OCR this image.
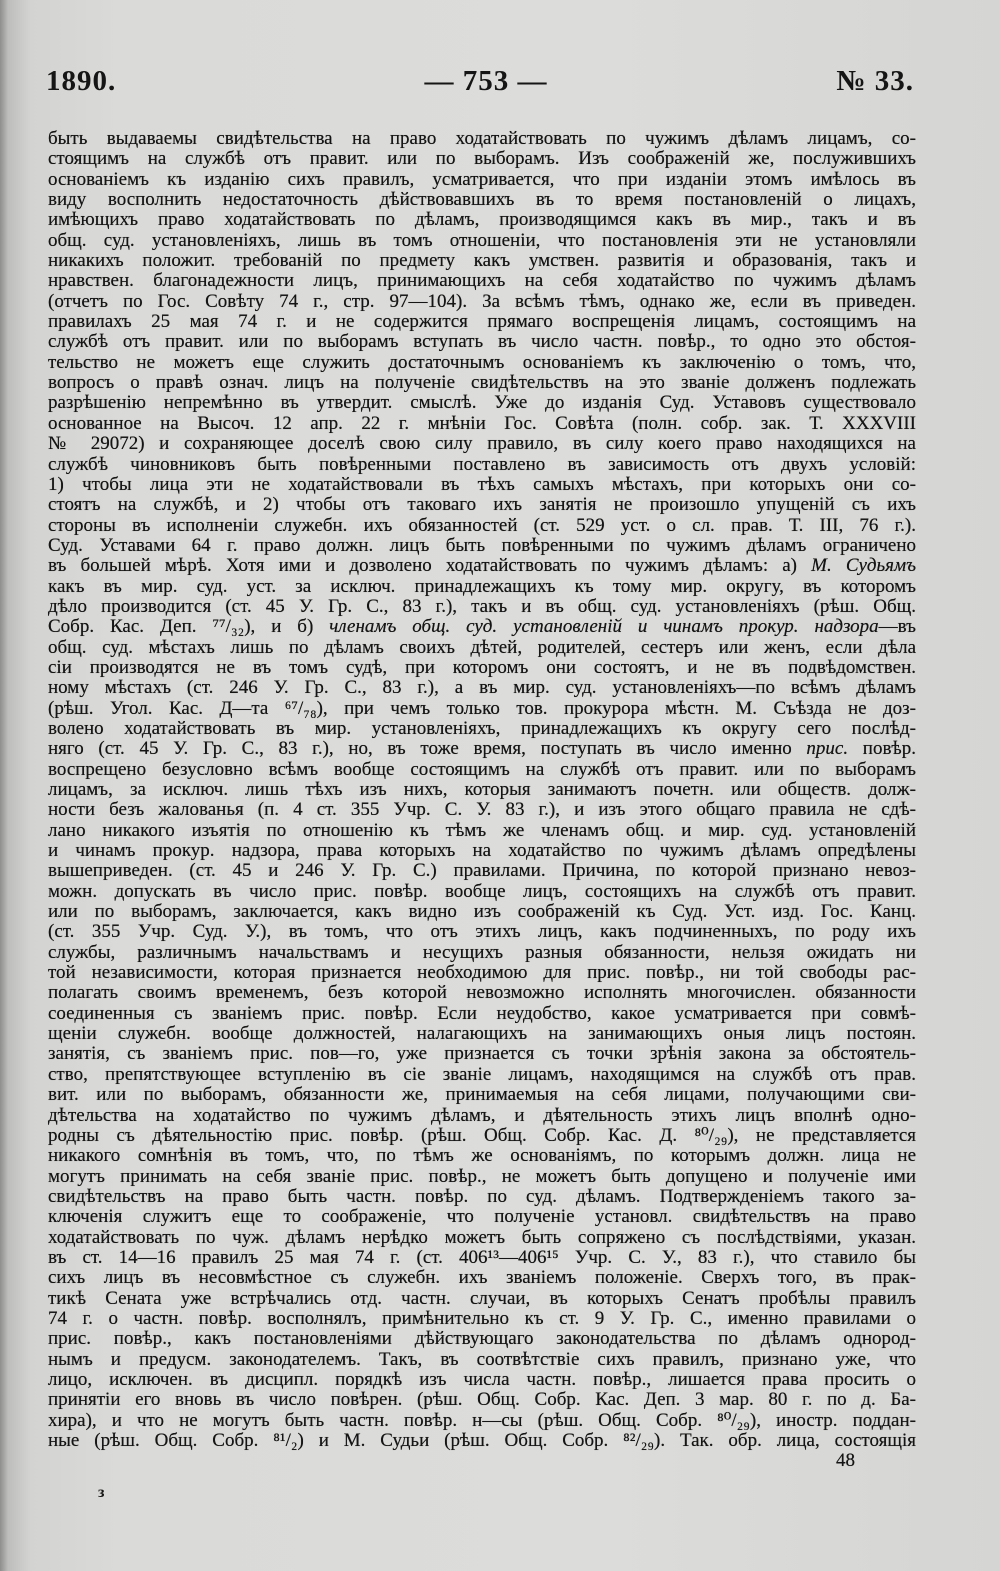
1890.	— 753 —	№ 33.
быть выдаваемы свидѣтельства на право ходатайствовать по чужимъ дѣламъ лицамъ, со-
стоящимъ на службѣ отъ правит. или по выборамъ. Изъ соображеній же, послужившихъ
основаніемъ къ изданію сихъ правилъ, усматривается, что при изданіи этомъ имѣлось въ
виду восполнить недостаточность дѣйствовавшихъ въ то время постановленій о лицахъ,
имѣющихъ право ходатайствовать по дѣламъ, производящимся какъ въ мир., такъ и въ
общ. суд. установленіяхъ, лишь въ томъ отношеніи, что постановленія эти не установляли
никакихъ положит. требованій по предмету какъ умствен. развитія и образованія, такъ и
нравствен. благонадежности лицъ, принимающихъ на себя ходатайство по чужимъ дѣламъ
(отчетъ по Гос. Совѣту 74 г., стр. 97—104). За всѣмъ тѣмъ, однако же, если въ приведен.
правилахъ 25 мая 74 г. и не содержится прямаго воспрещенія лицамъ, состоящимъ на
службѣ отъ правит. или по выборамъ вступать въ число частн. повѣр., то одно это обстоя-
тельство не можетъ еще служить достаточнымъ основаніемъ къ заключенію о томъ, что,
вопросъ о правѣ означ. лицъ на полученіе свидѣтельствъ на это званіе долженъ подлежать
разрѣшенію непремѣнно въ утвердит. смыслѣ. Уже до изданія Суд. Уставовъ существовало
основанное на Высоч. 12 апр. 22 г. мнѣніи Гос. Совѣта (полн. собр. зак. Т. XXXVIII
№ 29072) и сохраняющее доселѣ свою силу правило, въ силу коего право находящихся на
службѣ чиновниковъ быть повѣренными поставлено въ зависимость отъ двухъ условій:
1) чтобы лица эти не ходатайствовали въ тѣхъ самыхъ мѣстахъ, при которыхъ они со-
стоятъ на службѣ, и 2) чтобы отъ таковаго ихъ занятія не произошло упущеній съ ихъ
стороны въ исполненіи служебн. ихъ обязанностей (ст. 529 уст. о сл. прав. Т. III, 76 г.).
Суд. Уставами 64 г. право должн. лицъ быть повѣренными по чужимъ дѣламъ ограничено
въ большей мѣрѣ. Хотя ими и дозволено ходатайствовать по чужимъ дѣламъ: а) М. Судьямъ
какъ въ мир. суд. уст. за исключ. принадлежащихъ къ тому мир. округу, въ которомъ
дѣло производится (ст. 45 У. Гр. С., 83 г.), такъ и въ общ. суд. установленіяхъ (рѣш. Общ.
Собр. Кас. Деп. ⁷⁷/₃₂), и б) членамъ общ. суд. установленій и чинамъ прокур. надзора—въ
общ. суд. мѣстахъ лишь по дѣламъ своихъ дѣтей, родителей, сестеръ или женъ, если дѣла
сіи производятся не въ томъ судѣ, при которомъ они состоятъ, и не въ подвѣдомствен.
ному мѣстахъ (ст. 246 У. Гр. С., 83 г.), а въ мир. суд. установленіяхъ—по всѣмъ дѣламъ
(рѣш. Угол. Кас. Д—та ⁶⁷/₇₈), при чемъ только тов. прокурора мѣстн. М. Съѣзда не доз-
волено ходатайствовать въ мир. установленіяхъ, принадлежащихъ къ округу сего послѣд-
няго (ст. 45 У. Гр. С., 83 г.), но, въ тоже время, поступать въ число именно прис. повѣр.
воспрещено безусловно всѣмъ вообще состоящимъ на службѣ отъ правит. или по выборамъ
лицамъ, за исключ. лишь тѣхъ изъ нихъ, которыя занимаютъ почетн. или обществ. долж-
ности безъ жалованья (п. 4 ст. 355 Учр. С. У. 83 г.), и изъ этого общаго правила не сдѣ-
лано никакого изъятія по отношенію къ тѣмъ же членамъ общ. и мир. суд. установленій
и чинамъ прокур. надзора, права которыхъ на ходатайство по чужимъ дѣламъ опредѣлены
вышеприведен. (ст. 45 и 246 У. Гр. С.) правилами. Причина, по которой признано невоз-
можн. допускать въ число прис. повѣр. вообще лицъ, состоящихъ на службѣ отъ правит.
или по выборамъ, заключается, какъ видно изъ соображеній къ Суд. Уст. изд. Гос. Канц.
(ст. 355 Учр. Суд. У.), въ томъ, что отъ этихъ лицъ, какъ подчиненныхъ, по роду ихъ
службы, различнымъ начальствамъ и несущихъ разныя обязанности, нельзя ожидать ни
той независимости, которая признается необходимою для прис. повѣр., ни той свободы рас-
полагать своимъ временемъ, безъ которой невозможно исполнять многочислен. обязанности
соединенныя съ званіемъ прис. повѣр. Если неудобство, какое усматривается при совмѣ-
щеніи служебн. вообще должностей, налагающихъ на занимающихъ оныя лицъ постоян.
занятія, съ званіемъ прис. пов—го, уже признается съ точки зрѣнія закона за обстоятель-
ство, препятствующее вступленію въ сіе званіе лицамъ, находящимся на службѣ отъ прав.
вит. или по выборамъ, обязанности же, принимаемыя на себя лицами, получающими сви-
дѣтельства на ходатайство по чужимъ дѣламъ, и дѣятельность этихъ лицъ вполнѣ одно-
родны съ дѣятельностію прис. повѣр. (рѣш. Общ. Собр. Кас. Д. ⁸⁰/₂₉), не представляется
никакого сомнѣнія въ томъ, что, по тѣмъ же основаніямъ, по которымъ должн. лица не
могутъ принимать на себя званіе прис. повѣр., не можетъ быть допущено и полученіе ими
свидѣтельствъ на право быть частн. повѣр. по суд. дѣламъ. Подтвержденіемъ такого за-
ключенія служитъ еще то соображеніе, что полученіе установл. свидѣтельствъ на право
ходатайствовать по чуж. дѣламъ нерѣдко можетъ быть сопряжено съ послѣдствіями, указан.
въ ст. 14—16 правилъ 25 мая 74 г. (ст. 406¹³—406¹⁵ Учр. С. У., 83 г.), что ставило бы
сихъ лицъ въ несовмѣстное съ служебн. ихъ званіемъ положеніе. Сверхъ того, въ прак-
тикѣ Сената уже встрѣчались отд. частн. случаи, въ которыхъ Сенатъ пробѣлы правилъ
74 г. о частн. повѣр. восполнялъ, примѣнительно къ ст. 9 У. Гр. С., именно правилами о
прис. повѣр., какъ постановленіями дѣйствующаго законодательства по дѣламъ однород-
нымъ и предусм. законодателемъ. Такъ, въ соотвѣтствіе сихъ правилъ, признано уже, что
лицо, исключен. въ дисципл. порядкѣ изъ числа частн. повѣр., лишается права просить о
принятіи его вновь въ число повѣрен. (рѣш. Общ. Собр. Кас. Деп. 3 мар. 80 г. по д. Ба-
хира), и что не могутъ быть частн. повѣр. н—сы (рѣш. Общ. Собр. ⁸⁰/₂₉), иностр. поддан-
ные (рѣш. Общ. Собр. ⁸¹/₂) и М. Судьи (рѣш. Общ. Собр. ⁸²/₂₉). Так. обр. лица, состоящія
48
з
